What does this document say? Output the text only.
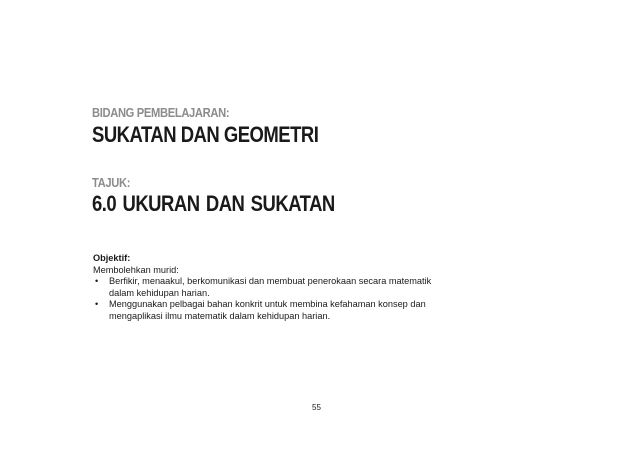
BIDANG PEMBELAJARAN:
SUKATAN DAN GEOMETRI
TAJUK:
6.0 UKURAN DAN SUKATAN
Objektif:
Membolehkan murid:
• Berfikir, menaakul, berkomunikasi dan membuat penerokaan secara matematik
dalam kehidupan harian.
• Menggunakan pelbagai bahan konkrit untuk membina kefahaman konsep dan
mengaplikasi ilmu matematik dalam kehidupan harian.
55
